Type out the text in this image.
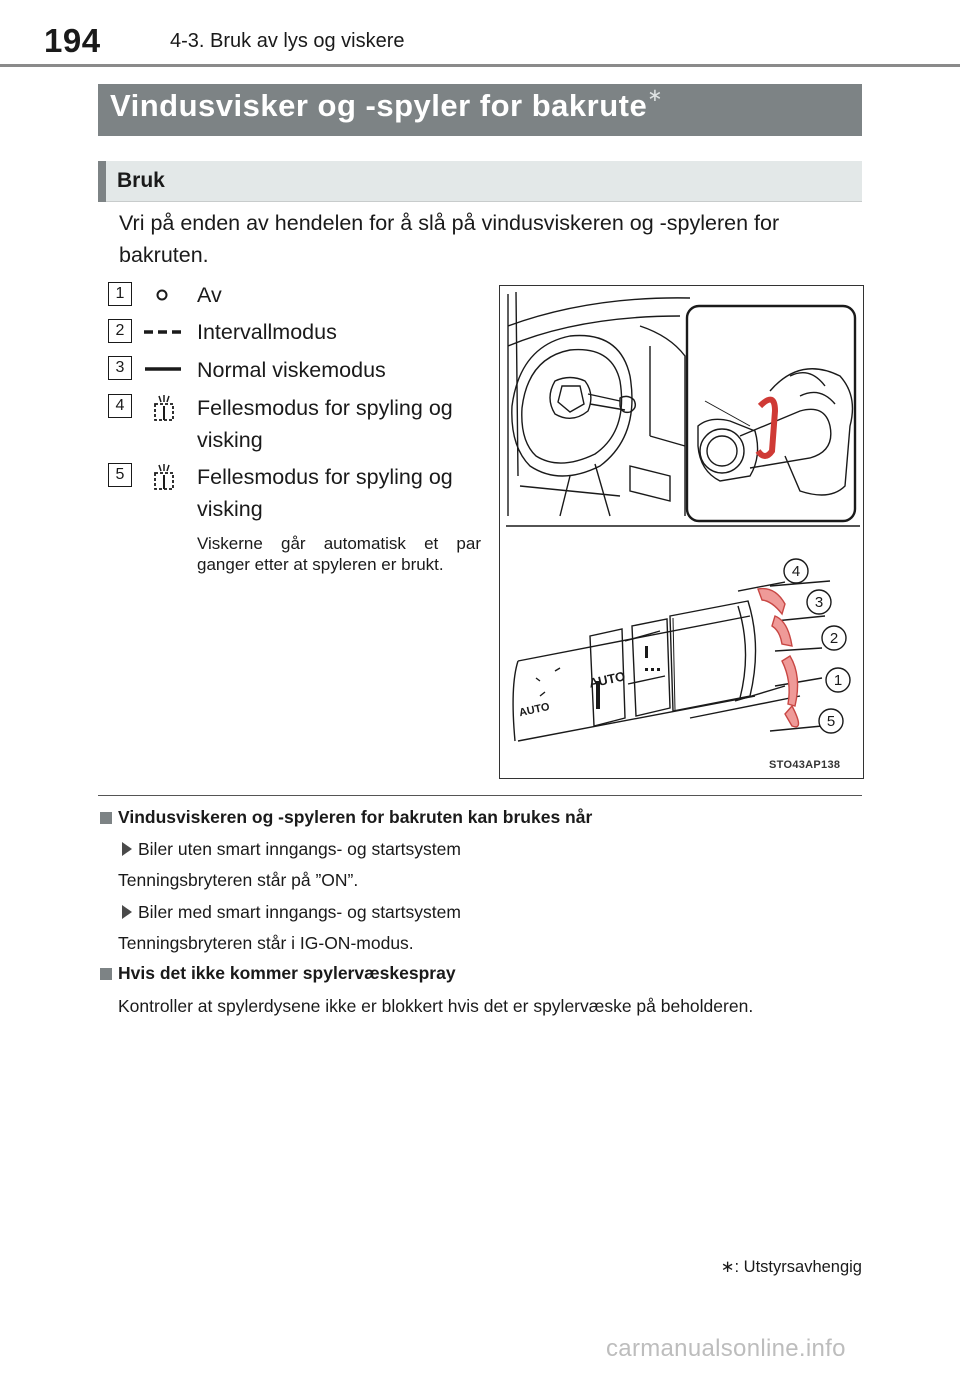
194	4-3. Bruk av lys og viskere
Vindusvisker og -spyler for bakrute∗
Bruk
Vri på enden av hendelen for å slå på vindusviskeren og -spyleren for bakruten.
1	Av
2	Intervallmodus
3	Normal viskemodus
4	Fellesmodus for spyling og visking
5	Fellesmodus for spyling og visking
Viskerne går automatisk et par ganger etter at spyleren er brukt.	4
3
2
1
5
AUTO
AUTO
STO43AP138
Vindusviskeren og -spyleren for bakruten kan brukes når
Biler uten smart inngangs- og startsystem
Tenningsbryteren står på ”ON”.
Biler med smart inngangs- og startsystem
Tenningsbryteren står i IG-ON-modus.
Hvis det ikke kommer spylervæskespray
Kontroller at spylerdysene ikke er blokkert hvis det er spylervæske på beholderen.
∗: Utstyrsavhengig
carmanualsonline.info
